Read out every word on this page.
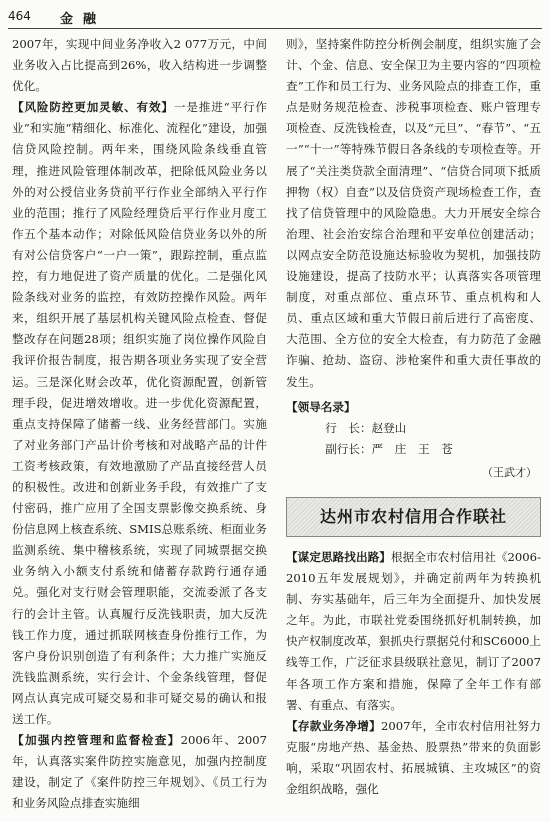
464 金融

2007年，实现中间业务净收入2 077万元，中间业务收入占比提高到26%，收入结构进一步调整优化。

【风险防控更加灵敏、有效】一是推进“平行作业”和实施“精细化、标准化、流程化”建设，加强信贷风险控制。两年来，围绕风险条线垂直管理，推进风险管理体制改革，把除低风险业务以外的对公授信业务贷前平行作业全部纳入平行作业的范围；推行了风险经理贷后平行作业月度工作五个基本动作；对除低风险信贷业务以外的所有对公信贷客户“一户一策”，跟踪控制，重点监控，有力地促进了资产质量的优化。二是强化风险条线对业务的监控，有效防控操作风险。两年来，组织开展了基层机构关键风险点检查、督促整改存在问题28项；组织实施了岗位操作风险自我评价报告制度，报告期各项业务实现了安全营运。三是深化财会改革，优化资源配置，创新管理手段，促进增效增收。进一步优化资源配置，重点支持保障了储蓄一线、业务经营部门。实施了对业务部门产品计价考核和对战略产品的计件工资考核政策，有效地激励了产品直接经营人员的积极性。改进和创新业务手段，有效推广了支付密码，推广应用了全国支票影像交换系统、身份信息网上核查系统、SMIS总账系统、柜面业务监测系统、集中稽核系统，实现了同城票据交换业务纳入小额支付系统和储蓄存款跨行通存通兑。强化对支行财会管理职能，交流委派了各支行的会计主管。认真履行反洗钱职责，加大反洗钱工作力度，通过抓联网核查身份推行工作，为客户身份识别创造了有利条件；大力推广实施反洗钱监测系统，实行会计、个金条线管理，督促网点认真完成可疑交易和非可疑交易的确认和报送工作。

【加强内控管理和监督检查】2006年、2007年，认真落实案件防控实施意见，加强内控制度建设，制定了《案件防控三年规划》、《员工行为和业务风险点排查实施细

则》，坚持案件防控分析例会制度，组织实施了会计、个金、信息、安全保卫为主要内容的“四项检查”工作和员工行为、业务风险点的排查工作，重点是财务规范检查、涉税事项检查、账户管理专项检查、反洗钱检查，以及“元旦”、“春节”、“五一”“十一”等特殊节假日各条线的专项检查等。开展了“关注类贷款全面清理”、“信贷合同项下抵质押物（权）自查”以及信贷资产现场检查工作，查找了信贷管理中的风险隐患。大力开展安全综合治理、社会治安综合治理和平安单位创建活动；以网点安全防范设施达标验收为契机，加强技防设施建设，提高了技防水平；认真落实各项管理制度，对重点部位、重点环节、重点机构和人员、重点区域和重大节假日前后进行了高密度、大范围、全方位的安全大检查，有力防范了金融诈骗、抢劫、盗窃、涉枪案件和重大责任事故的发生。

【领导名录】

行　长：赵登山

副行长：严　庄　王　苍

（王武才）
达州市农村信用合作联社

【谋定思路找出路】根据全市农村信用社《2006-2010五年发展规划》，并确定前两年为转换机制、夯实基础年，后三年为全面提升、加快发展之年。为此，市联社党委围绕抓好机制转换，加快产权制度改革，狠抓央行票据兑付和SC6000上线等工作，广泛征求县级联社意见，制订了2007年各项工作方案和措施，保障了全年工作有部署、有重点、有落实。

【存款业务净增】2007年，全市农村信用社努力克服“房地产热、基金热、股票热”带来的负面影响，采取“巩固农村、拓展城镇、主攻城区”的资金组织战略，强化
